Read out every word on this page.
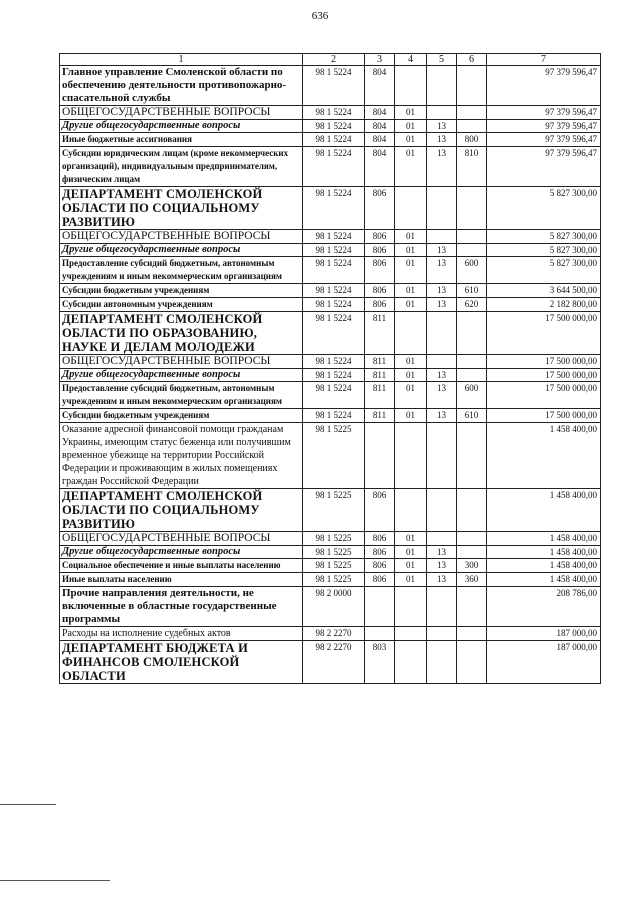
636
1	2	3	4	5	6	7
Главное управление Смоленской области по обеспечению деятельности противопожарно-спасательной службы	98 1 5224	804				97 379 596,47
ОБЩЕГОСУДАРСТВЕННЫЕ ВОПРОСЫ	98 1 5224	804	01			97 379 596,47
Другие общегосударственные вопросы	98 1 5224	804	01	13		97 379 596,47
Иные бюджетные ассигнования	98 1 5224	804	01	13	800	97 379 596,47
Субсидии юридическим лицам (кроме некоммерческих организаций), индивидуальным предпринимателям, физическим лицам	98 1 5224	804	01	13	810	97 379 596,47
ДЕПАРТАМЕНТ СМОЛЕНСКОЙ ОБЛАСТИ ПО СОЦИАЛЬНОМУ РАЗВИТИЮ	98 1 5224	806				5 827 300,00
ОБЩЕГОСУДАРСТВЕННЫЕ ВОПРОСЫ	98 1 5224	806	01			5 827 300,00
Другие общегосударственные вопросы	98 1 5224	806	01	13		5 827 300,00
Предоставление субсидий бюджетным, автономным учреждениям и иным некоммерческим организациям	98 1 5224	806	01	13	600	5 827 300,00
Субсидии бюджетным учреждениям	98 1 5224	806	01	13	610	3 644 500,00
Субсидии автономным учреждениям	98 1 5224	806	01	13	620	2 182 800,00
ДЕПАРТАМЕНТ СМОЛЕНСКОЙ ОБЛАСТИ ПО ОБРАЗОВАНИЮ, НАУКЕ И ДЕЛАМ МОЛОДЕЖИ	98 1 5224	811				17 500 000,00
ОБЩЕГОСУДАРСТВЕННЫЕ ВОПРОСЫ	98 1 5224	811	01			17 500 000,00
Другие общегосударственные вопросы	98 1 5224	811	01	13		17 500 000,00
Предоставление субсидий бюджетным, автономным учреждениям и иным некоммерческим организациям	98 1 5224	811	01	13	600	17 500 000,00
Субсидии бюджетным учреждениям	98 1 5224	811	01	13	610	17 500 000,00
Оказание адресной финансовой помощи гражданам Украины, имеющим статус беженца или получившим временное убежище на территории Российской Федерации и проживающим в жилых помещениях граждан Российской Федерации	98 1 5225					1 458 400,00
ДЕПАРТАМЕНТ СМОЛЕНСКОЙ ОБЛАСТИ ПО СОЦИАЛЬНОМУ РАЗВИТИЮ	98 1 5225	806				1 458 400,00
ОБЩЕГОСУДАРСТВЕННЫЕ ВОПРОСЫ	98 1 5225	806	01			1 458 400,00
Другие общегосударственные вопросы	98 1 5225	806	01	13		1 458 400,00
Социальное обеспечение и иные выплаты населению	98 1 5225	806	01	13	300	1 458 400,00
Иные выплаты населению	98 1 5225	806	01	13	360	1 458 400,00
Прочие направления деятельности, не включенные в областные государственные программы	98 2 0000					208 786,00
Расходы на исполнение судебных актов	98 2 2270					187 000,00
ДЕПАРТАМЕНТ БЮДЖЕТА И ФИНАНСОВ СМОЛЕНСКОЙ ОБЛАСТИ	98 2 2270	803				187 000,00
